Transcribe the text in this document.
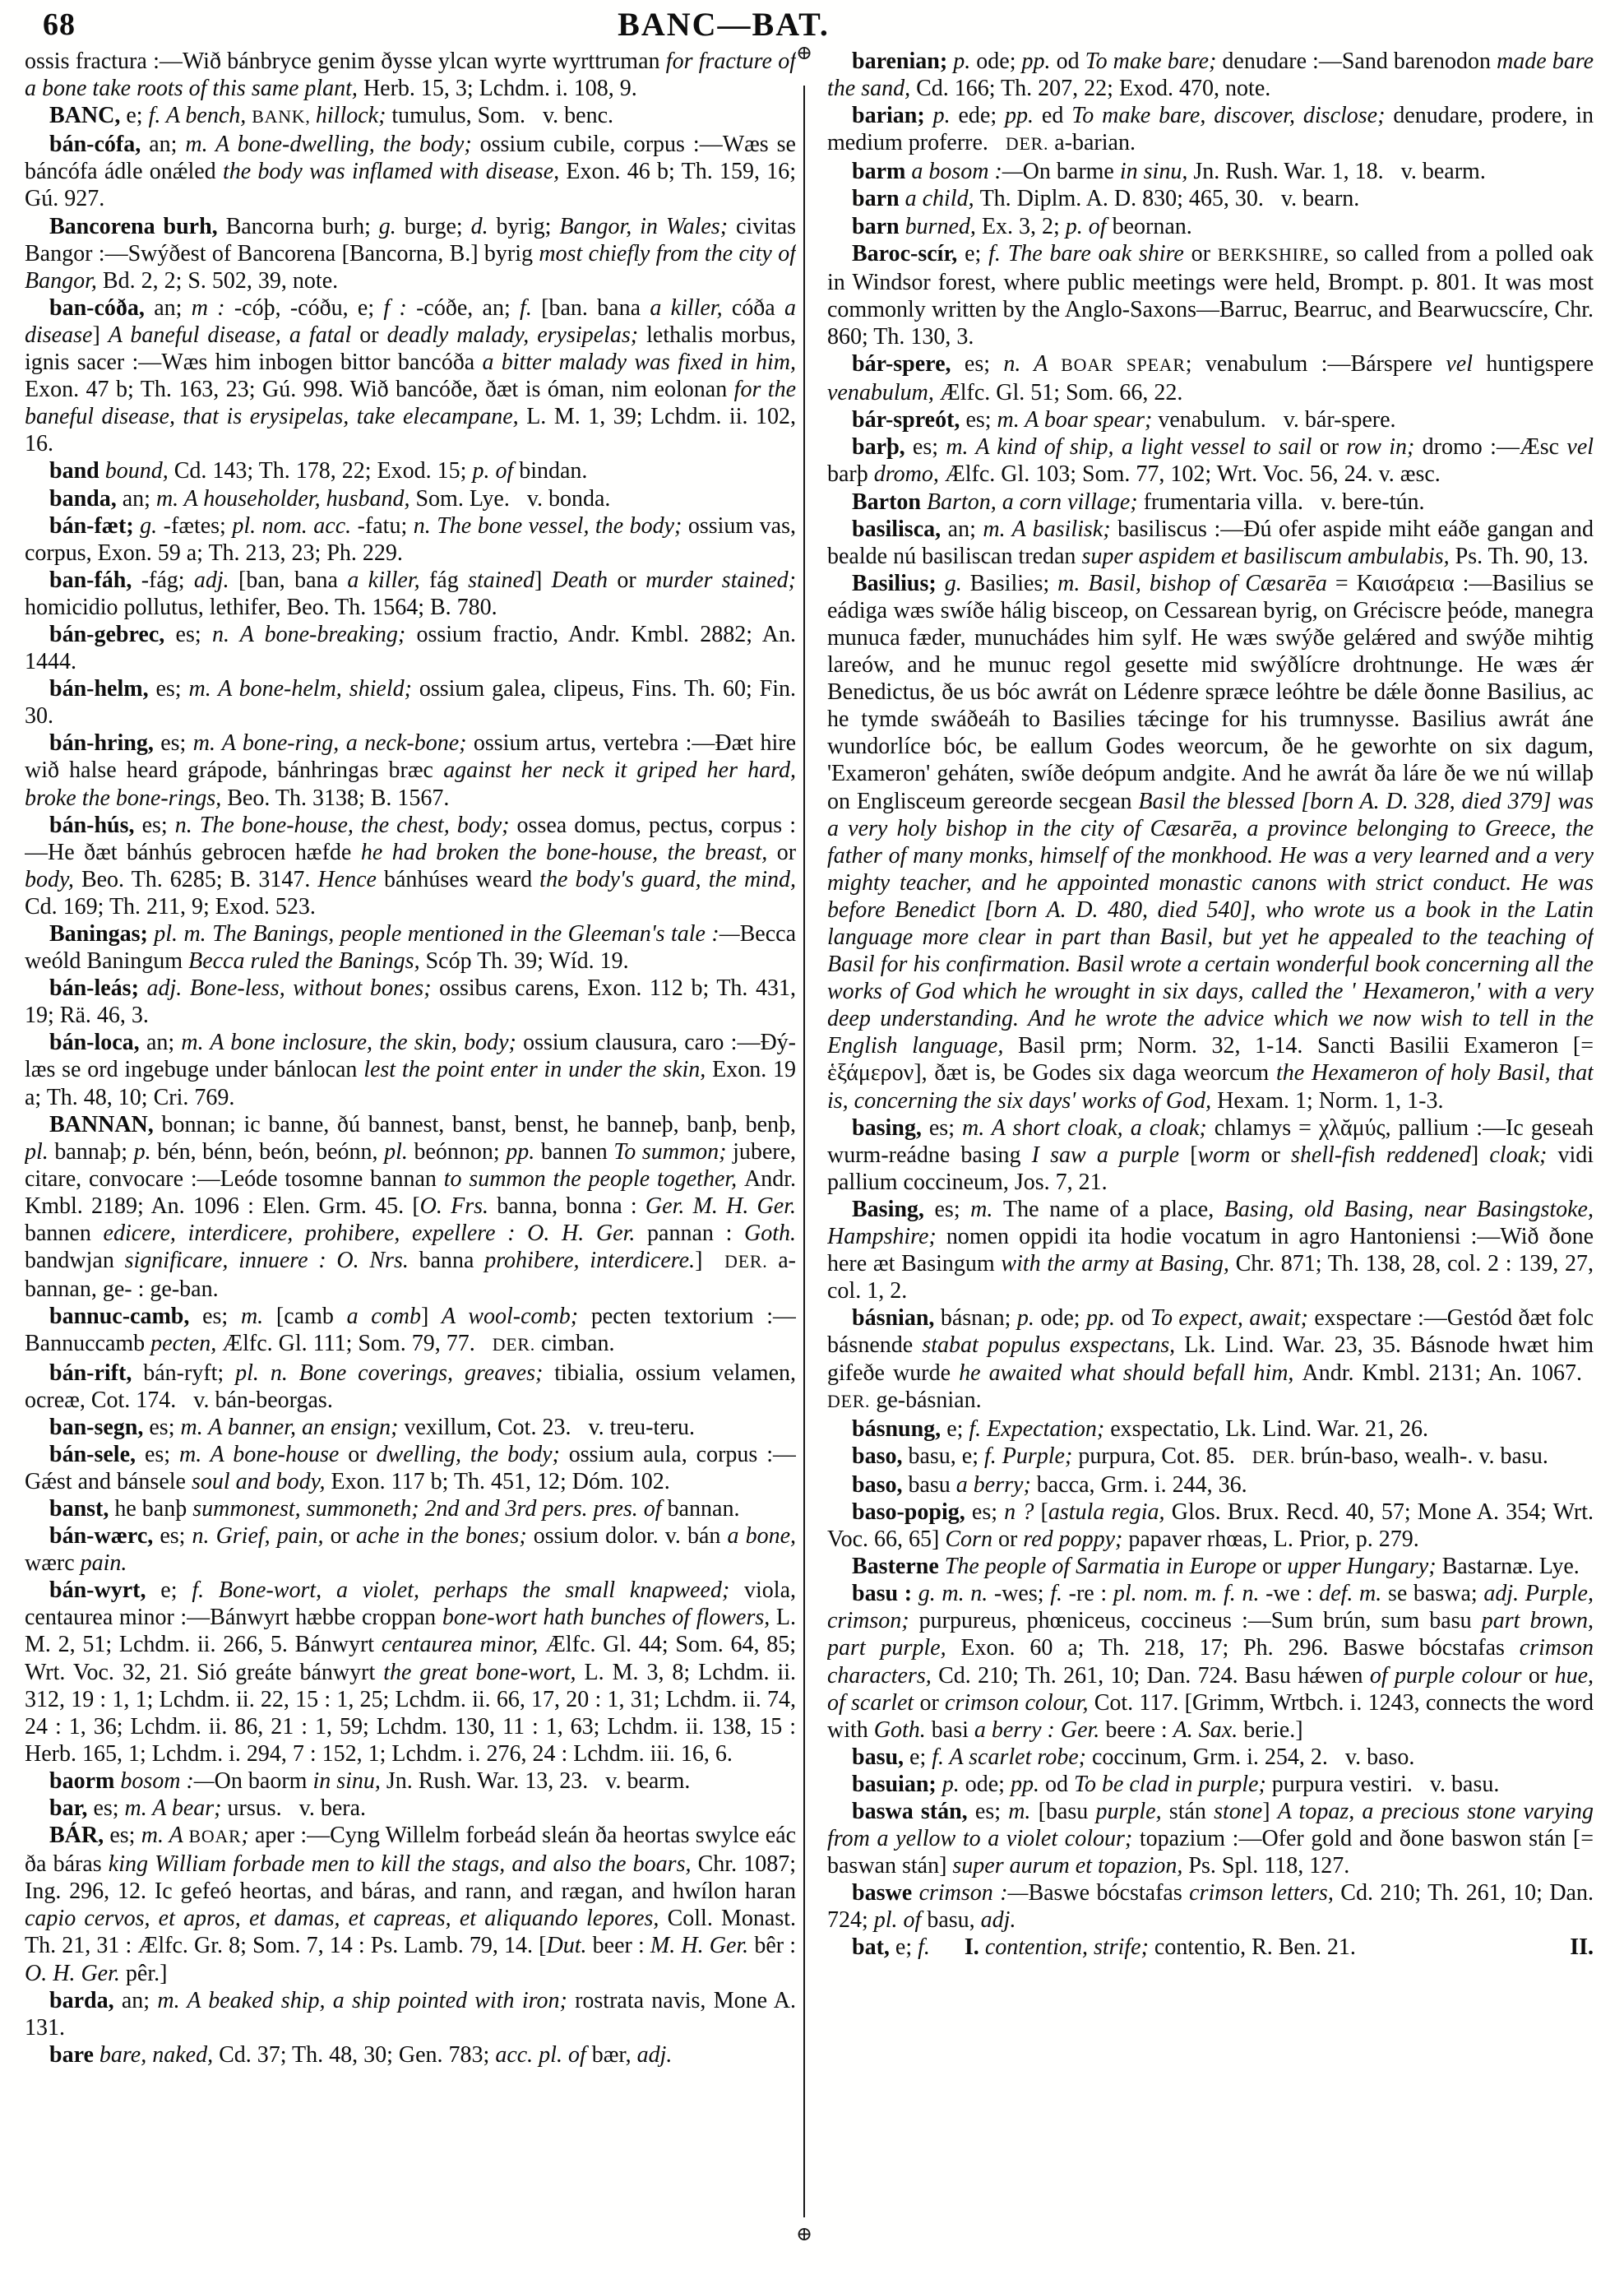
68	BANC—BAT.
⊕
⊕

ossis fractura :—Wið bánbryce genim ðysse ylcan wyrte wyrttruman for fracture of a bone take roots of this same plant, Herb. 15, 3; Lchdm. i. 108, 9.

BANC, e; f. A bench, BANK, hillock; tumulus, Som.  v. benc.

bán-cófa, an; m. A bone-dwelling, the body; ossium cubile, corpus :—Wæs se báncófa ádle onǽled the body was inflamed with disease, Exon. 46 b; Th. 159, 16; Gú. 927.

Bancorena burh, Bancorna burh; g. burge; d. byrig; Bangor, in Wales; civitas Bangor :—Swýðest of Bancorena [Bancorna, B.] byrig most chiefly from the city of Bangor, Bd. 2, 2; S. 502, 39, note.

ban-cóða, an; m : -cóþ, -cóðu, e; f : -cóðe, an; f. [ban. bana a killer, cóða a disease] A baneful disease, a fatal or deadly malady, erysipelas; lethalis morbus, ignis sacer :—Wæs him inbogen bittor bancóða a bitter malady was fixed in him, Exon. 47 b; Th. 163, 23; Gú. 998. Wið bancóðe, ðæt is óman, nim eolonan for the baneful disease, that is erysipelas, take elecampane, L. M. 1, 39; Lchdm. ii. 102, 16.

band bound, Cd. 143; Th. 178, 22; Exod. 15; p. of bindan.

banda, an; m. A householder, husband, Som. Lye.  v. bonda.

bán-fæt; g. -fætes; pl. nom. acc. -fatu; n. The bone vessel, the body; ossium vas, corpus, Exon. 59 a; Th. 213, 23; Ph. 229.

ban-fáh, -fág; adj. [ban, bana a killer, fág stained] Death or murder stained; homicidio pollutus, lethifer, Beo. Th. 1564; B. 780.

bán-gebrec, es; n. A bone-breaking; ossium fractio, Andr. Kmbl. 2882; An. 1444.

bán-helm, es; m. A bone-helm, shield; ossium galea, clipeus, Fins. Th. 60; Fin. 30.

bán-hring, es; m. A bone-ring, a neck-bone; ossium artus, vertebra :—Ðæt hire wið halse heard grápode, bánhringas bræc against her neck it griped her hard, broke the bone-rings, Beo. Th. 3138; B. 1567.

bán-hús, es; n. The bone-house, the chest, body; ossea domus, pectus, corpus :—He ðæt bánhús gebrocen hæfde he had broken the bone-house, the breast, or body, Beo. Th. 6285; B. 3147. Hence bánhúses weard the body's guard, the mind, Cd. 169; Th. 211, 9; Exod. 523.

Baningas; pl. m. The Banings, people mentioned in the Gleeman's tale :—Becca weóld Baningum Becca ruled the Banings, Scóp Th. 39; Wíd. 19.

bán-leás; adj. Bone-less, without bones; ossibus carens, Exon. 112 b; Th. 431, 19; Rä. 46, 3.

bán-loca, an; m. A bone inclosure, the skin, body; ossium clausura, caro :—Ðý-læs se ord ingebuge under bánlocan lest the point enter in under the skin, Exon. 19 a; Th. 48, 10; Cri. 769.

BANNAN, bonnan; ic banne, ðú bannest, banst, benst, he banneþ, banþ, benþ, pl. bannaþ; p. bén, bénn, beón, beónn, pl. beónnon; pp. bannen To summon; jubere, citare, convocare :—Leóde tosomne bannan to summon the people together, Andr. Kmbl. 2189; An. 1096 : Elen. Grm. 45. [O. Frs. banna, bonna : Ger. M. H. Ger. bannen edicere, interdicere, prohibere, expellere : O. H. Ger. pannan : Goth. bandwjan significare, innuere : O. Nrs. banna prohibere, interdicere.]  DER. a-bannan, ge- : ge-ban.

bannuc-camb, es; m. [camb a comb] A wool-comb; pecten textorium :—Bannuccamb pecten, Ælfc. Gl. 111; Som. 79, 77.  DER. cimban.

bán-rift, bán-ryft; pl. n. Bone coverings, greaves; tibialia, ossium velamen, ocreæ, Cot. 174.  v. bán-beorgas.

ban-segn, es; m. A banner, an ensign; vexillum, Cot. 23.  v. treu-teru.

bán-sele, es; m. A bone-house or dwelling, the body; ossium aula, corpus :—Gǽst and bánsele soul and body, Exon. 117 b; Th. 451, 12; Dóm. 102.

banst, he banþ summonest, summoneth; 2nd and 3rd pers. pres. of bannan.

bán-wærc, es; n. Grief, pain, or ache in the bones; ossium dolor. v. bán a bone, wærc pain.

bán-wyrt, e; f. Bone-wort, a violet, perhaps the small knapweed; viola, centaurea minor :—Bánwyrt hæbbe croppan bone-wort hath bunches of flowers, L. M. 2, 51; Lchdm. ii. 266, 5. Bánwyrt centaurea minor, Ælfc. Gl. 44; Som. 64, 85; Wrt. Voc. 32, 21. Sió greáte bánwyrt the great bone-wort, L. M. 3, 8; Lchdm. ii. 312, 19 : 1, 1; Lchdm. ii. 22, 15 : 1, 25; Lchdm. ii. 66, 17, 20 : 1, 31; Lchdm. ii. 74, 24 : 1, 36; Lchdm. ii. 86, 21 : 1, 59; Lchdm. 130, 11 : 1, 63; Lchdm. ii. 138, 15 : Herb. 165, 1; Lchdm. i. 294, 7 : 152, 1; Lchdm. i. 276, 24 : Lchdm. iii. 16, 6.

baorm bosom :—On baorm in sinu, Jn. Rush. War. 13, 23.  v. bearm.

bar, es; m. A bear; ursus.  v. bera.

BÁR, es; m. A BOAR; aper :—Cyng Willelm forbeád sleán ða heortas swylce eác ða báras king William forbade men to kill the stags, and also the boars, Chr. 1087; Ing. 296, 12. Ic gefeó heortas, and báras, and rann, and rægan, and hwílon haran capio cervos, et apros, et damas, et capreas, et aliquando lepores, Coll. Monast. Th. 21, 31 : Ælfc. Gr. 8; Som. 7, 14 : Ps. Lamb. 79, 14. [Dut. beer : M. H. Ger. bêr : O. H. Ger. pêr.]

barda, an; m. A beaked ship, a ship pointed with iron; rostrata navis, Mone A. 131.

bare bare, naked, Cd. 37; Th. 48, 30; Gen. 783; acc. pl. of bær, adj.

barenian; p. ode; pp. od To make bare; denudare :—Sand barenodon made bare the sand, Cd. 166; Th. 207, 22; Exod. 470, note.

barian; p. ede; pp. ed To make bare, discover, disclose; denudare, prodere, in medium proferre.  DER. a-barian.

barm a bosom :—On barme in sinu, Jn. Rush. War. 1, 18.  v. bearm.

barn a child, Th. Diplm. A. D. 830; 465, 30.  v. bearn.

barn burned, Ex. 3, 2; p. of beornan.

Baroc-scír, e; f. The bare oak shire or BERKSHIRE, so called from a polled oak in Windsor forest, where public meetings were held, Brompt. p. 801. It was most commonly written by the Anglo-Saxons—Barruc, Bearruc, and Bearwucscíre, Chr. 860; Th. 130, 3.

bár-spere, es; n. A BOAR SPEAR; venabulum :—Bárspere vel huntigspere venabulum, Ælfc. Gl. 51; Som. 66, 22.

bár-spreót, es; m. A boar spear; venabulum.  v. bár-spere.

barþ, es; m. A kind of ship, a light vessel to sail or row in; dromo :—Æsc vel barþ dromo, Ælfc. Gl. 103; Som. 77, 102; Wrt. Voc. 56, 24. v. æsc.

Barton Barton, a corn village; frumentaria villa.  v. bere-tún.

basilisca, an; m. A basilisk; basiliscus :—Ðú ofer aspide miht eáðe gangan and bealde nú basiliscan tredan super aspidem et basiliscum ambulabis, Ps. Th. 90, 13.

Basilius; g. Basilies; m. Basil, bishop of Cæsarēa = Καισάρεια :—Basilius se eádiga wæs swíðe hálig bisceop, on Cessarean byrig, on Gréciscre þeóde, manegra munuca fæder, munuchádes him sylf. He wæs swýðe gelǽred and swýðe mihtig lareów, and he munuc regol gesette mid swýðlícre drohtnunge. He wæs ǽr Benedictus, ðe us bóc awrát on Lédenre spræce leóhtre be dǽle ðonne Basilius, ac he tymde swáðeáh to Basilies tǽcinge for his trumnysse. Basilius awrát áne wundorlíce bóc, be eallum Godes weorcum, ðe he geworhte on six dagum, 'Exameron' geháten, swíðe deópum andgite. And he awrát ða láre ðe we nú willaþ on Englisceum gereorde secgean Basil the blessed [born A. D. 328, died 379] was a very holy bishop in the city of Cæsarēa, a province belonging to Greece, the father of many monks, himself of the monkhood. He was a very learned and a very mighty teacher, and he appointed monastic canons with strict conduct. He was before Benedict [born A. D. 480, died 540], who wrote us a book in the Latin language more clear in part than Basil, but yet he appealed to the teaching of Basil for his confirmation. Basil wrote a certain wonderful book concerning all the works of God which he wrought in six days, called the ' Hexameron,' with a very deep understanding. And he wrote the advice which we now wish to tell in the English language, Basil prm; Norm. 32, 1-14. Sancti Basilii Exameron [= ἑξάμερον], ðæt is, be Godes six daga weorcum the Hexameron of holy Basil, that is, concerning the six days' works of God, Hexam. 1; Norm. 1, 1-3.

basing, es; m. A short cloak, a cloak; chlamys = χλᾰμύς, pallium :—Ic geseah wurm-reádne basing I saw a purple [worm or shell-fish reddened] cloak; vidi pallium coccineum, Jos. 7, 21.

Basing, es; m. The name of a place, Basing, old Basing, near Basingstoke, Hampshire; nomen oppidi ita hodie vocatum in agro Hantoniensi :—Wið ðone here æt Basingum with the army at Basing, Chr. 871; Th. 138, 28, col. 2 : 139, 27, col. 1, 2.

básnian, básnan; p. ode; pp. od To expect, await; exspectare :—Gestód ðæt folc básnende stabat populus exspectans, Lk. Lind. War. 23, 35. Básnode hwæt him gifeðe wurde he awaited what should befall him, Andr. Kmbl. 2131; An. 1067.  DER. ge-básnian.

básnung, e; f. Expectation; exspectatio, Lk. Lind. War. 21, 26.

baso, basu, e; f. Purple; purpura, Cot. 85.  DER. brún-baso, wealh-. v. basu.

baso, basu a berry; bacca, Grm. i. 244, 36.

baso-popig, es; n ? [astula regia, Glos. Brux. Recd. 40, 57; Mone A. 354; Wrt. Voc. 66, 65] Corn or red poppy; papaver rhœas, L. Prior, p. 279.

Basterne The people of Sarmatia in Europe or upper Hungary; Bastarnæ. Lye.

basu : g. m. n. -wes; f. -re : pl. nom. m. f. n. -we : def. m. se baswa; adj. Purple, crimson; purpureus, phœniceus, coccineus :—Sum brún, sum basu part brown, part purple, Exon. 60 a; Th. 218, 17; Ph. 296. Baswe bócstafas crimson characters, Cd. 210; Th. 261, 10; Dan. 724. Basu hǽwen of purple colour or hue, of scarlet or crimson colour, Cot. 117. [Grimm, Wrtbch. i. 1243, connects the word with Goth. basi a berry : Ger. beere : A. Sax. berie.]

basu, e; f. A scarlet robe; coccinum, Grm. i. 254, 2.  v. baso.

basuian; p. ode; pp. od To be clad in purple; purpura vestiri.  v. basu.

baswa stán, es; m. [basu purple, stán stone] A topaz, a precious stone varying from a yellow to a violet colour; topazium :—Ofer gold and ðone baswon stán [= baswan stán] super aurum et topazion, Ps. Spl. 118, 127.

baswe crimson :—Baswe bócstafas crimson letters, Cd. 210; Th. 261, 10; Dan. 724; pl. of basu, adj.

II.
bat, e; f.   I. contention, strife; contentio, R. Ben. 21.
